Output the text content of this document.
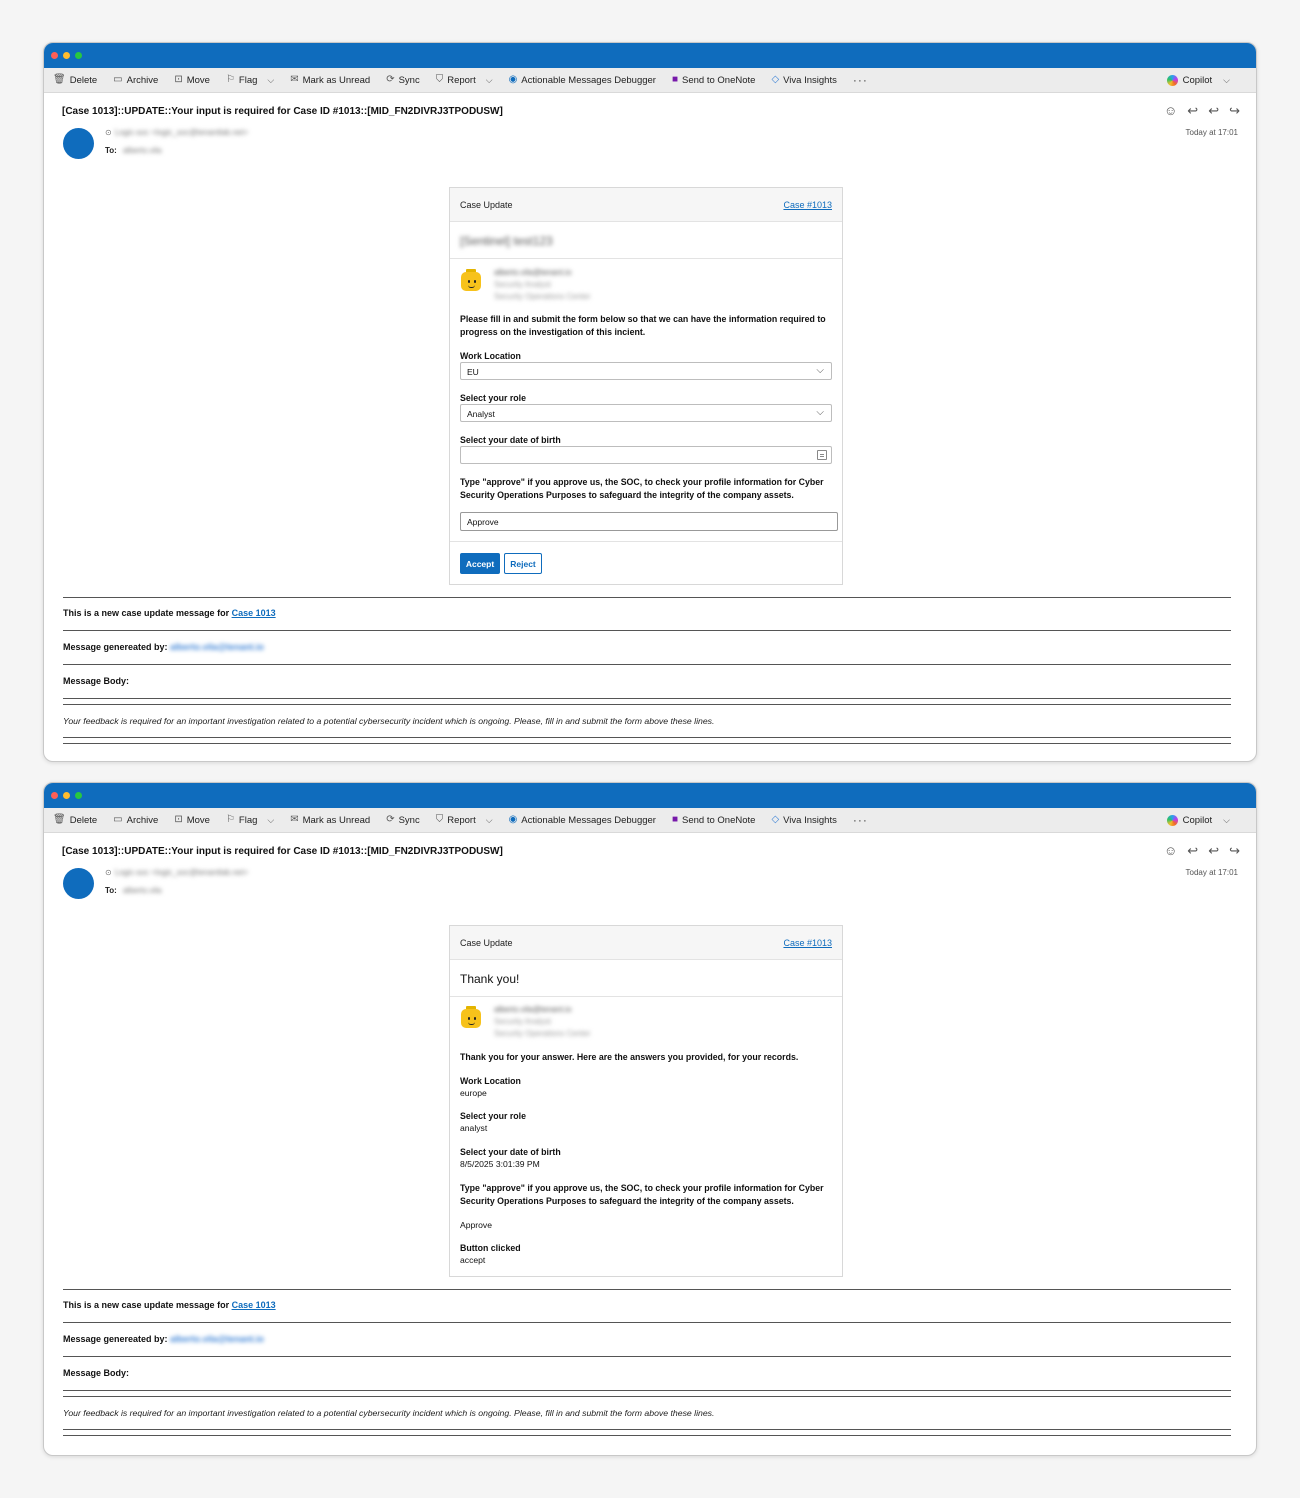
🗑 Delete ▭ Archive ⊡ Move ⚐ Flag ⌵ ✉ Mark as Unread ⟳ Sync ⛉ Report ⌵ ◉ Actionable Messages Debugger ■ Send to OneNote ◇ Viva Insights ···	Copilot ⌵
[Case 1013]::UPDATE::Your input is required for Case ID #1013::[MID_FN2DIVRJ3TPODUSW]	☺ ↩ ↩ ↪
Today at 17:01
⊙ Logic-soc <logic_soc@tenantlab.net>
To: alberto.vila
Case Update	Case #1013
[Sentinel] test123
alberto.vila@tenant.io
Security Analyst
Security Operations Center
Please fill in and submit the form below so that we can have the information required to progress on the investigation of this incient.
Work Location
EU	⌵
Select your role
Analyst	⌵
Select your date of birth
Type "approve" if you approve us, the SOC, to check your profile information for Cyber Security Operations Purposes to safeguard the integrity of the company assets.
Approve
Accept	Reject
This is a new case update message for Case 1013
Message genereated by: alberto.vila@tenant.io
Message Body:
Your feedback is required for an important investigation related to a potential cybersecurity incident which is ongoing. Please, fill in and submit the form above these lines.
🗑 Delete ▭ Archive ⊡ Move ⚐ Flag ⌵ ✉ Mark as Unread ⟳ Sync ⛉ Report ⌵ ◉ Actionable Messages Debugger ■ Send to OneNote ◇ Viva Insights ···	Copilot ⌵
[Case 1013]::UPDATE::Your input is required for Case ID #1013::[MID_FN2DIVRJ3TPODUSW]	☺ ↩ ↩ ↪
Today at 17:01
⊙ Logic-soc <logic_soc@tenantlab.net>
To: alberto.vila
Case Update	Case #1013
Thank you!
alberto.vila@tenant.io
Security Analyst
Security Operations Center
Thank you for your answer. Here are the answers you provided, for your records.
Work Location
europe
Select your role
analyst
Select your date of birth
8/5/2025 3:01:39 PM
Type "approve" if you approve us, the SOC, to check your profile information for Cyber Security Operations Purposes to safeguard the integrity of the company assets.
Approve
Button clicked
accept
This is a new case update message for Case 1013
Message genereated by: alberto.vila@tenant.io
Message Body:
Your feedback is required for an important investigation related to a potential cybersecurity incident which is ongoing. Please, fill in and submit the form above these lines.
